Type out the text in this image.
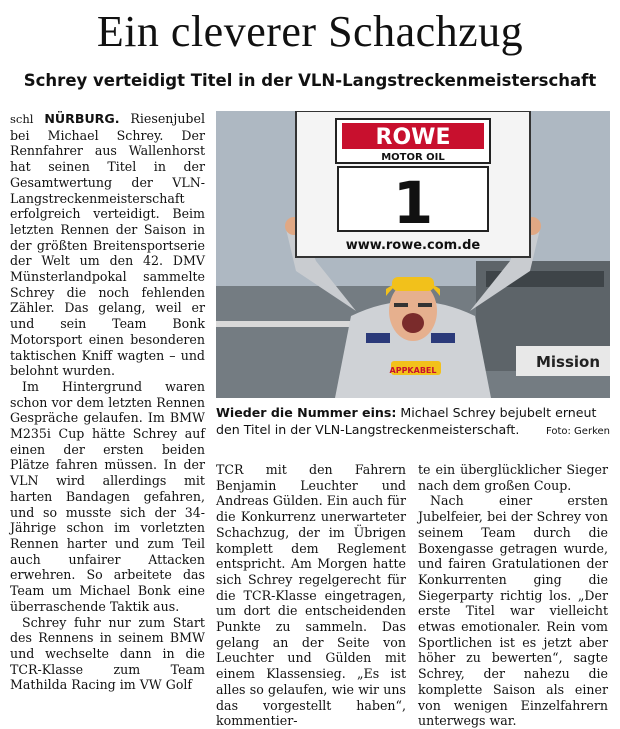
Ein cleverer Schachzug
Schrey verteidigt Titel in der VLN-Langstreckenmeisterschaft

schl NÜRBURG. Riesenjubel bei Michael Schrey. Der Rennfahrer aus Wallenhorst hat seinen Titel in der Gesamtwertung der VLN-Langstreckenmeisterschaft erfolgreich verteidigt. Beim letzten Rennen der Saison in der größten Breitensportserie der Welt um den 42. DMV Münsterlandpokal sammelte Schrey die noch fehlenden Zähler. Das gelang, weil er und sein Team Bonk Motorsport einen besonderen taktischen Kniff wagten – und belohnt wurden.

Im Hintergrund waren schon vor dem letzten Rennen Gespräche gelaufen. Im BMW M235i Cup hätte Schrey auf einen der ersten beiden Plätze fahren müssen. In der VLN wird allerdings mit harten Bandagen gefahren, und so musste sich der 34-Jährige schon im vorletzten Rennen harter und zum Teil auch unfairer Attacken erwehren. So arbeitete das Team um Michael Bonk eine überraschende Taktik aus.

Schrey fuhr nur zum Start des Rennens in seinem BMW und wechselte dann in die TCR-Klasse zum Team Mathilda Racing im VW Golf

Mission
ROWE
MOTOR OIL
1
www.rowe.com.de
APPKABEL
Wieder die Nummer eins: Michael Schrey bejubelt erneut den Titel in der VLN-Langstreckenmeisterschaft.	Foto: Gerken

TCR mit den Fahrern Benjamin Leuchter und Andreas Gülden. Ein auch für die Konkurrenz unerwarteter Schachzug, der im Übrigen komplett dem Reglement entspricht. Am Morgen hatte sich Schrey regelgerecht für die TCR-Klasse eingetragen, um dort die entscheidenden Punkte zu sammeln. Das gelang an der Seite von Leuchter und Gülden mit einem Klassensieg. „Es ist alles so gelaufen, wie wir uns das vorgestellt haben“, kommentier-

te ein überglücklicher Sieger nach dem großen Coup.

Nach einer ersten Jubelfeier, bei der Schrey von seinem Team durch die Boxengasse getragen wurde, und fairen Gratulationen der Konkurrenten ging die Siegerparty richtig los. „Der erste Titel war vielleicht etwas emotionaler. Rein vom Sportlichen ist es jetzt aber höher zu bewerten“, sagte Schrey, der nahezu die komplette Saison als einer von wenigen Einzelfahrern unterwegs war.
